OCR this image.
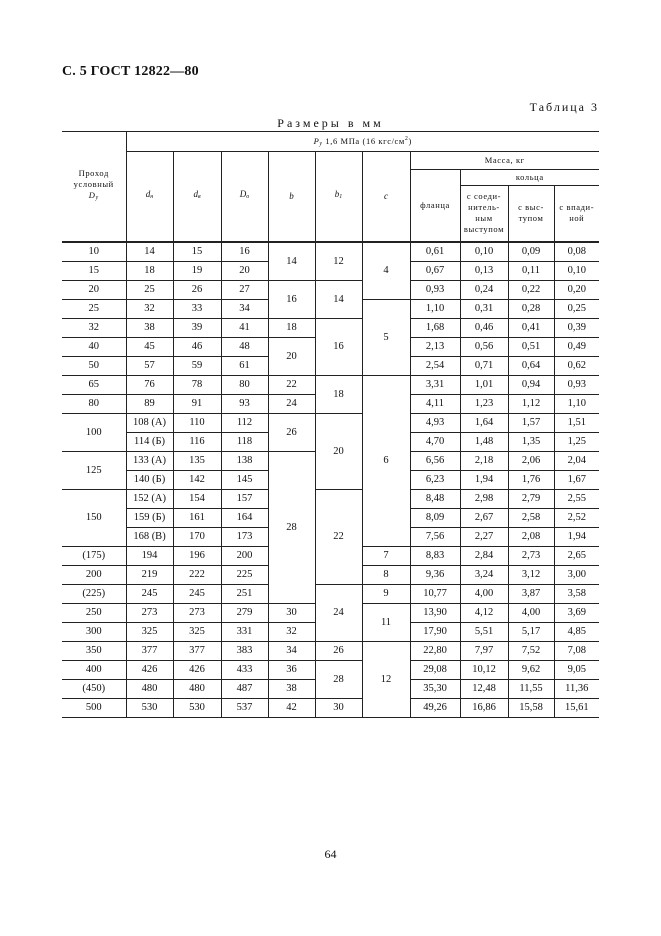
С. 5 ГОСТ 12822—80
Таблица 3
Размеры в мм
Проход условный
Dy	Py 1,6 МПа (16 кгс/$см^2$)									
	dн	dв	Dо	b	b1	c	Масса, кг			
							фланца	кольца		
								с соеди- нитель- ным выступом	с выс- тупом	с впади- ной
10	14	15	16	14	12	4	0,61	0,10	0,09	0,08
15	18	19	20				0,67	0,13	0,11	0,10
20	25	26	27	16	14		0,93	0,24	0,22	0,20
25	32	33	34			5	1,10	0,31	0,28	0,25
32	38	39	41	18	16		1,68	0,46	0,41	0,39
40	45	46	48	20			2,13	0,56	0,51	0,49
50	57	59	61				2,54	0,71	0,64	0,62
65	76	78	80	22	18	6	3,31	1,01	0,94	0,93
80	89	91	93	24			4,11	1,23	1,12	1,10
100	108 (А)	110	112	26	20		4,93	1,64	1,57	1,51
	114 (Б)	116	118				4,70	1,48	1,35	1,25
125	133 (А)	135	138	28			6,56	2,18	2,06	2,04
	140 (Б)	142	145				6,23	1,94	1,76	1,67
150	152 (А)	154	157		22		8,48	2,98	2,79	2,55
	159 (Б)	161	164				8,09	2,67	2,58	2,52
	168 (В)	170	173				7,56	2,27	2,08	1,94
(175)	194	196	200			7	8,83	2,84	2,73	2,65
200	219	222	225			8	9,36	3,24	3,12	3,00
(225)	245	245	251		24	9	10,77	4,00	3,87	3,58
250	273	273	279	30		11	13,90	4,12	4,00	3,69
300	325	325	331	32			17,90	5,51	5,17	4,85
350	377	377	383	34	26	12	22,80	7,97	7,52	7,08
400	426	426	433	36	28		29,08	10,12	9,62	9,05
(450)	480	480	487	38			35,30	12,48	11,55	11,36
500	530	530	537	42	30		49,26	16,86	15,58	15,61
64
